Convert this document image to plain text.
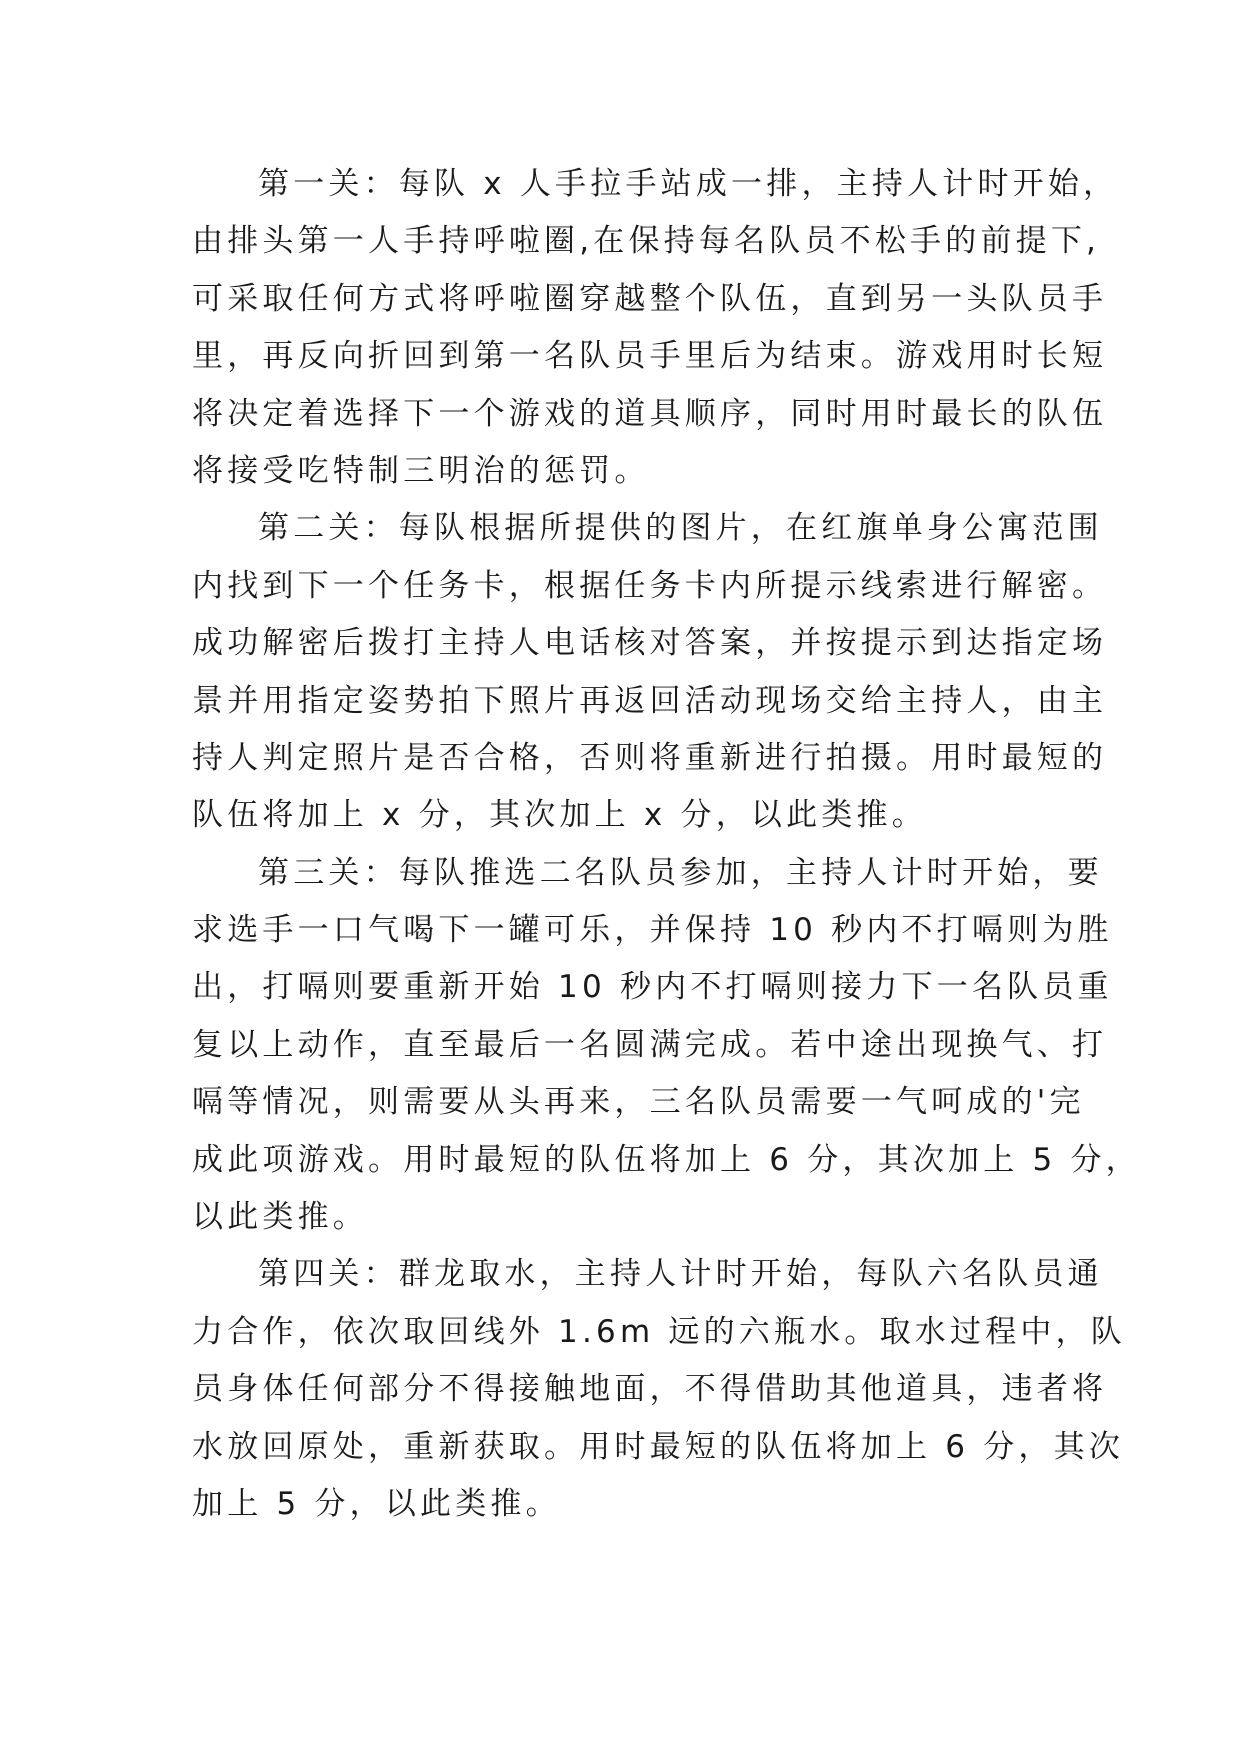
第一关：每队 x 人手拉手站成一排，主持人计时开始，
由排头第一人手持呼啦圈,在保持每名队员不松手的前提下,
可采取任何方式将呼啦圈穿越整个队伍，直到另一头队员手
里，再反向折回到第一名队员手里后为结束。游戏用时长短
将决定着选择下一个游戏的道具顺序，同时用时最长的队伍
将接受吃特制三明治的惩罚。
第二关：每队根据所提供的图片，在红旗单身公寓范围
内找到下一个任务卡，根据任务卡内所提示线索进行解密。
成功解密后拨打主持人电话核对答案，并按提示到达指定场
景并用指定姿势拍下照片再返回活动现场交给主持人，由主
持人判定照片是否合格，否则将重新进行拍摄。用时最短的
队伍将加上 x 分，其次加上 x 分，以此类推。
第三关：每队推选二名队员参加，主持人计时开始，要
求选手一口气喝下一罐可乐，并保持 10 秒内不打嗝则为胜
出，打嗝则要重新开始 10 秒内不打嗝则接力下一名队员重
复以上动作，直至最后一名圆满完成。若中途出现换气、打
嗝等情况，则需要从头再来，三名队员需要一气呵成的'完
成此项游戏。用时最短的队伍将加上 6 分，其次加上 5 分，
以此类推。
第四关：群龙取水，主持人计时开始，每队六名队员通
力合作，依次取回线外 1.6m 远的六瓶水。取水过程中，队
员身体任何部分不得接触地面，不得借助其他道具，违者将
水放回原处，重新获取。用时最短的队伍将加上 6 分，其次
加上 5 分，以此类推。
